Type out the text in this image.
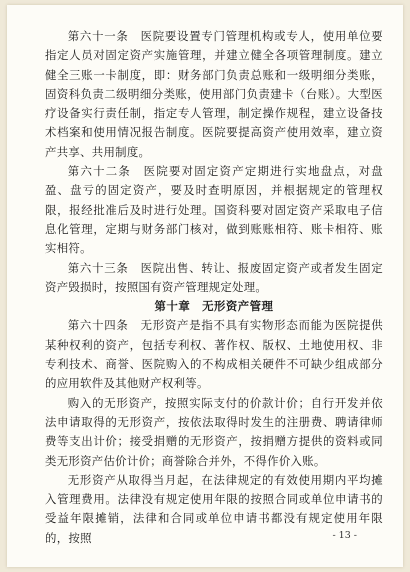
第六十一条　医院要设置专门管理机构或专人，使用单位要指定人员对固定资产实施管理，并建立健全各项管理制度。建立健全三账一卡制度，即：财务部门负责总账和一级明细分类账，固资科负责二级明细分类账，使用部门负责建卡（台账）。大型医疗设备实行责任制，指定专人管理，制定操作规程，建立设备技术档案和使用情况报告制度。医院要提高资产使用效率，建立资产共享、共用制度。

第六十二条　医院要对固定资产定期进行实地盘点，对盘盈、盘亏的固定资产，要及时查明原因，并根据规定的管理权限，报经批准后及时进行处理。国资科要对固定资产采取电子信息化管理，定期与财务部门核对，做到账账相符、账卡相符、账实相符。

第六十三条　医院出售、转让、报废固定资产或者发生固定资产毁损时，按照国有资产管理规定处理。

第十章　无形资产管理

第六十四条　无形资产是指不具有实物形态而能为医院提供某种权利的资产，包括专利权、著作权、版权、土地使用权、非专利技术、商誉、医院购入的不构成相关硬件不可缺少组成部分的应用软件及其他财产权利等。

购入的无形资产，按照实际支付的价款计价；自行开发并依法申请取得的无形资产，按依法取得时发生的注册费、聘请律师费等支出计价；接受捐赠的无形资产，按捐赠方提供的资料或同类无形资产估价计价；商誉除合并外，不得作价入账。

无形资产从取得当月起，在法律规定的有效使用期内平均摊入管理费用。法律没有规定使用年限的按照合同或单位申请书的受益年限摊销，法律和合同或单位申请书都没有规定使用年限的，按照	- 13 -
